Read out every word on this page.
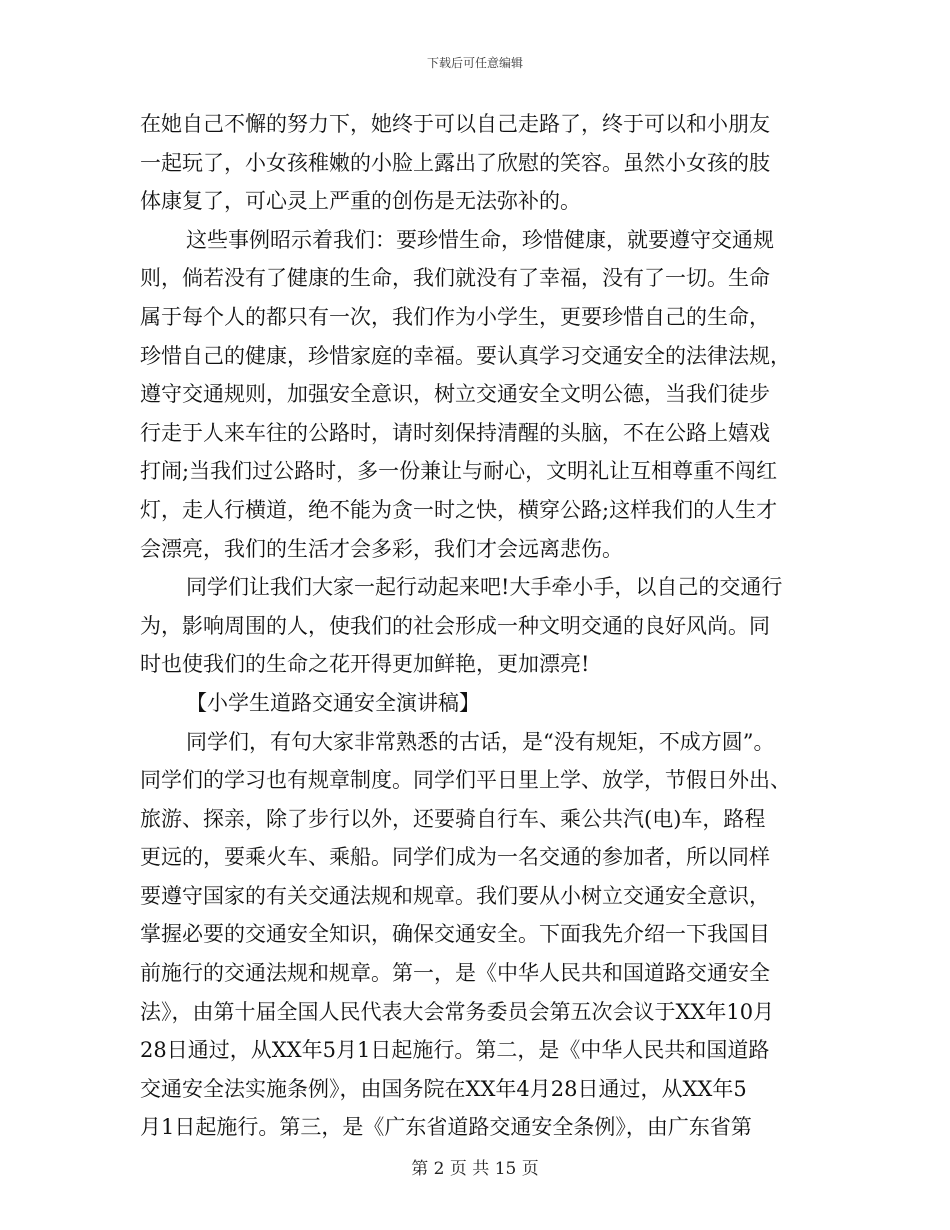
下载后可任意编辑
在她自己不懈的努力下，她终于可以自己走路了，终于可以和小朋友
一起玩了，小女孩稚嫩的小脸上露出了欣慰的笑容。虽然小女孩的肢
体康复了，可心灵上严重的创伤是无法弥补的。
这些事例昭示着我们：要珍惜生命，珍惜健康，就要遵守交通规
则，倘若没有了健康的生命，我们就没有了幸福，没有了一切。生命
属于每个人的都只有一次，我们作为小学生，更要珍惜自己的生命，
珍惜自己的健康，珍惜家庭的幸福。要认真学习交通安全的法律法规，
遵守交通规则，加强安全意识，树立交通安全文明公德，当我们徒步
行走于人来车往的公路时，请时刻保持清醒的头脑，不在公路上嬉戏
打闹;当我们过公路时，多一份兼让与耐心，文明礼让互相尊重不闯红
灯，走人行横道，绝不能为贪一时之快，横穿公路;这样我们的人生才
会漂亮，我们的生活才会多彩，我们才会远离悲伤。
同学们让我们大家一起行动起来吧!大手牵小手，以自己的交通行
为，影响周围的人，使我们的社会形成一种文明交通的良好风尚。同
时也使我们的生命之花开得更加鲜艳，更加漂亮!
【小学生道路交通安全演讲稿】
同学们，有句大家非常熟悉的古话，是“没有规矩，不成方圆”。
同学们的学习也有规章制度。同学们平日里上学、放学，节假日外出、
旅游、探亲，除了步行以外，还要骑自行车、乘公共汽(电)车，路程
更远的，要乘火车、乘船。同学们成为一名交通的参加者，所以同样
要遵守国家的有关交通法规和规章。我们要从小树立交通安全意识，
掌握必要的交通安全知识，确保交通安全。下面我先介绍一下我国目
前施行的交通法规和规章。第一，是《中华人民共和国道路交通安全
法》，由第十届全国人民代表大会常务委员会第五次会议于XX年10月
28日通过，从XX年5月1日起施行。第二，是《中华人民共和国道路
交通安全法实施条例》，由国务院在XX年4月28日通过，从XX年5
月1日起施行。第三，是《广东省道路交通安全条例》，由广东省第
第 2 页 共 15 页
